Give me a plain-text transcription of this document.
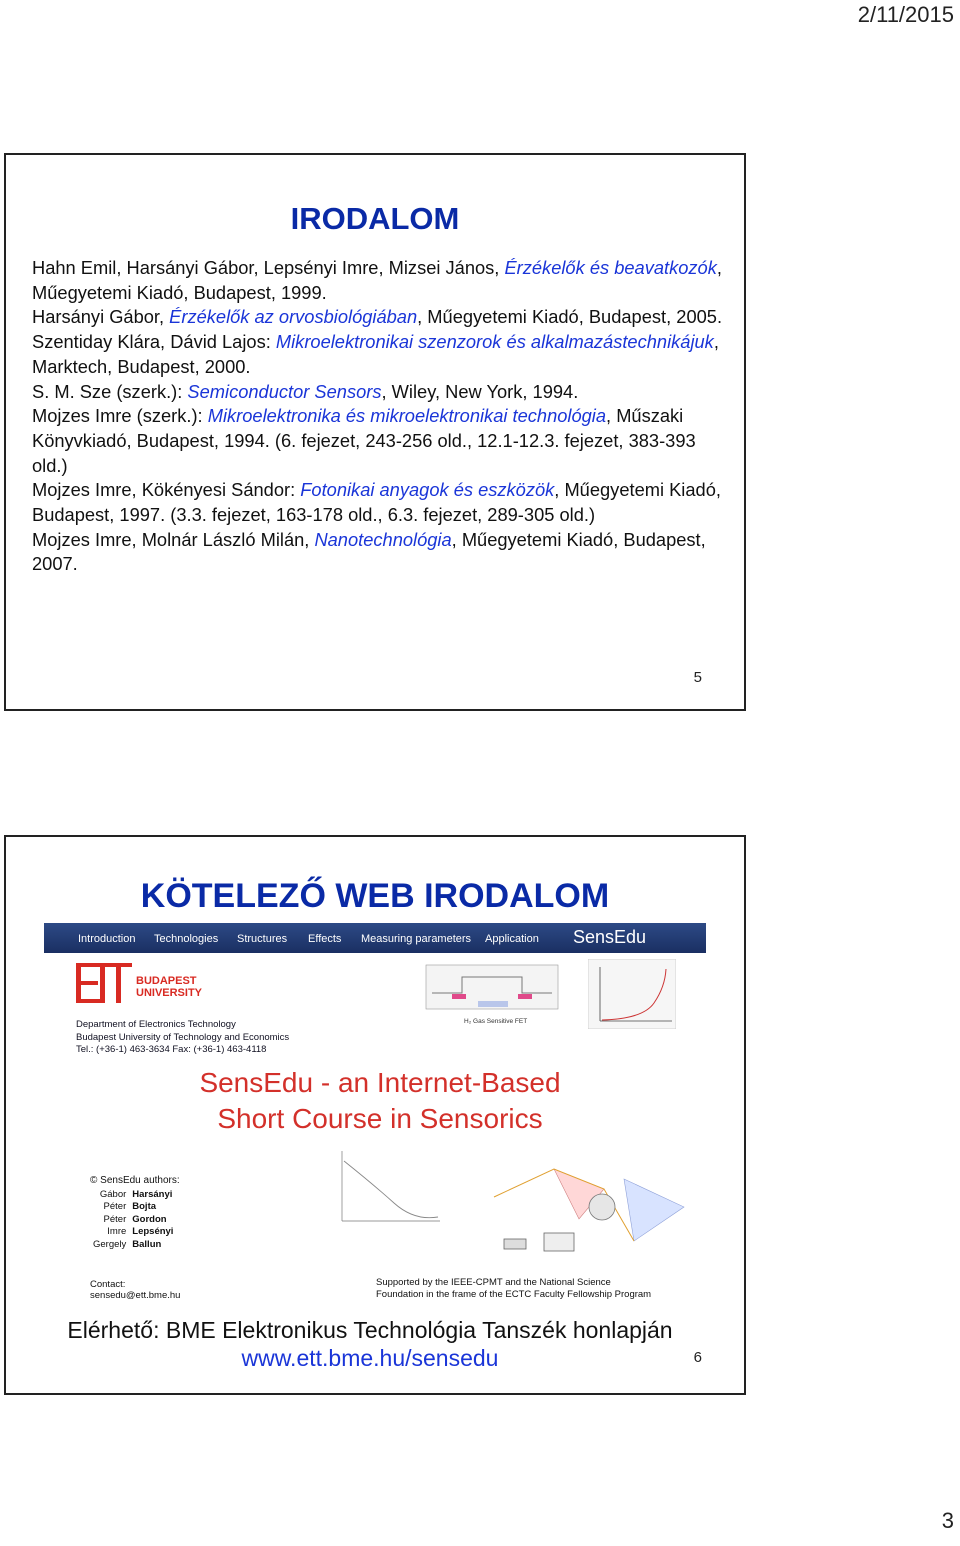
2/11/2015
IRODALOM

Hahn Emil, Harsányi Gábor, Lepsényi Imre, Mizsei János, Érzékelők és beavatkozók, Műegyetemi Kiadó, Budapest, 1999.

Harsányi Gábor, Érzékelők az orvosbiológiában, Műegyetemi Kiadó, Budapest, 2005.

Szentiday Klára, Dávid Lajos: Mikroelektronikai szenzorok és alkalmazástechnikájuk, Marktech, Budapest, 2000.

S. M. Sze (szerk.): Semiconductor Sensors, Wiley, New York, 1994.

Mojzes Imre (szerk.): Mikroelektronika és mikroelektronikai technológia, Műszaki Könyvkiadó, Budapest, 1994. (6. fejezet, 243-256 old., 12.1-12.3. fejezet, 383-393 old.)

Mojzes Imre, Kökényesi Sándor: Fotonikai anyagok és eszközök, Műegyetemi Kiadó, Budapest, 1997. (3.3. fejezet, 163-178 old., 6.3. fejezet, 289-305 old.)

Mojzes Imre, Molnár László Milán, Nanotechnológia, Műegyetemi Kiadó, Budapest, 2007.

5
KÖTELEZŐ WEB IRODALOM
Introduction Technologies Structures Effects Measuring parameters Application SensEdu
BUDAPEST
UNIVERSITY
Department of Electronics Technology
Budapest University of Technology and Economics
Tel.: (+36-1) 463-3634 Fax: (+36-1) 463-4118
H₂ Gas Sensitive FET
SensEdu - an Internet-Based
Short Course in Sensorics
© SensEdu authors:
Gábor	Harsányi
Péter	Bojta
Péter	Gordon
Imre	Lepsényi
Gergely	Ballun
Contact:
sensedu@ett.bme.hu
Supported by the IEEE-CPMT and the National Science
Foundation in the frame of the ECTC Faculty Fellowship Program
Elérhető: BME Elektronikus Technológia Tanszék honlapján
www.ett.bme.hu/sensedu	6
3
